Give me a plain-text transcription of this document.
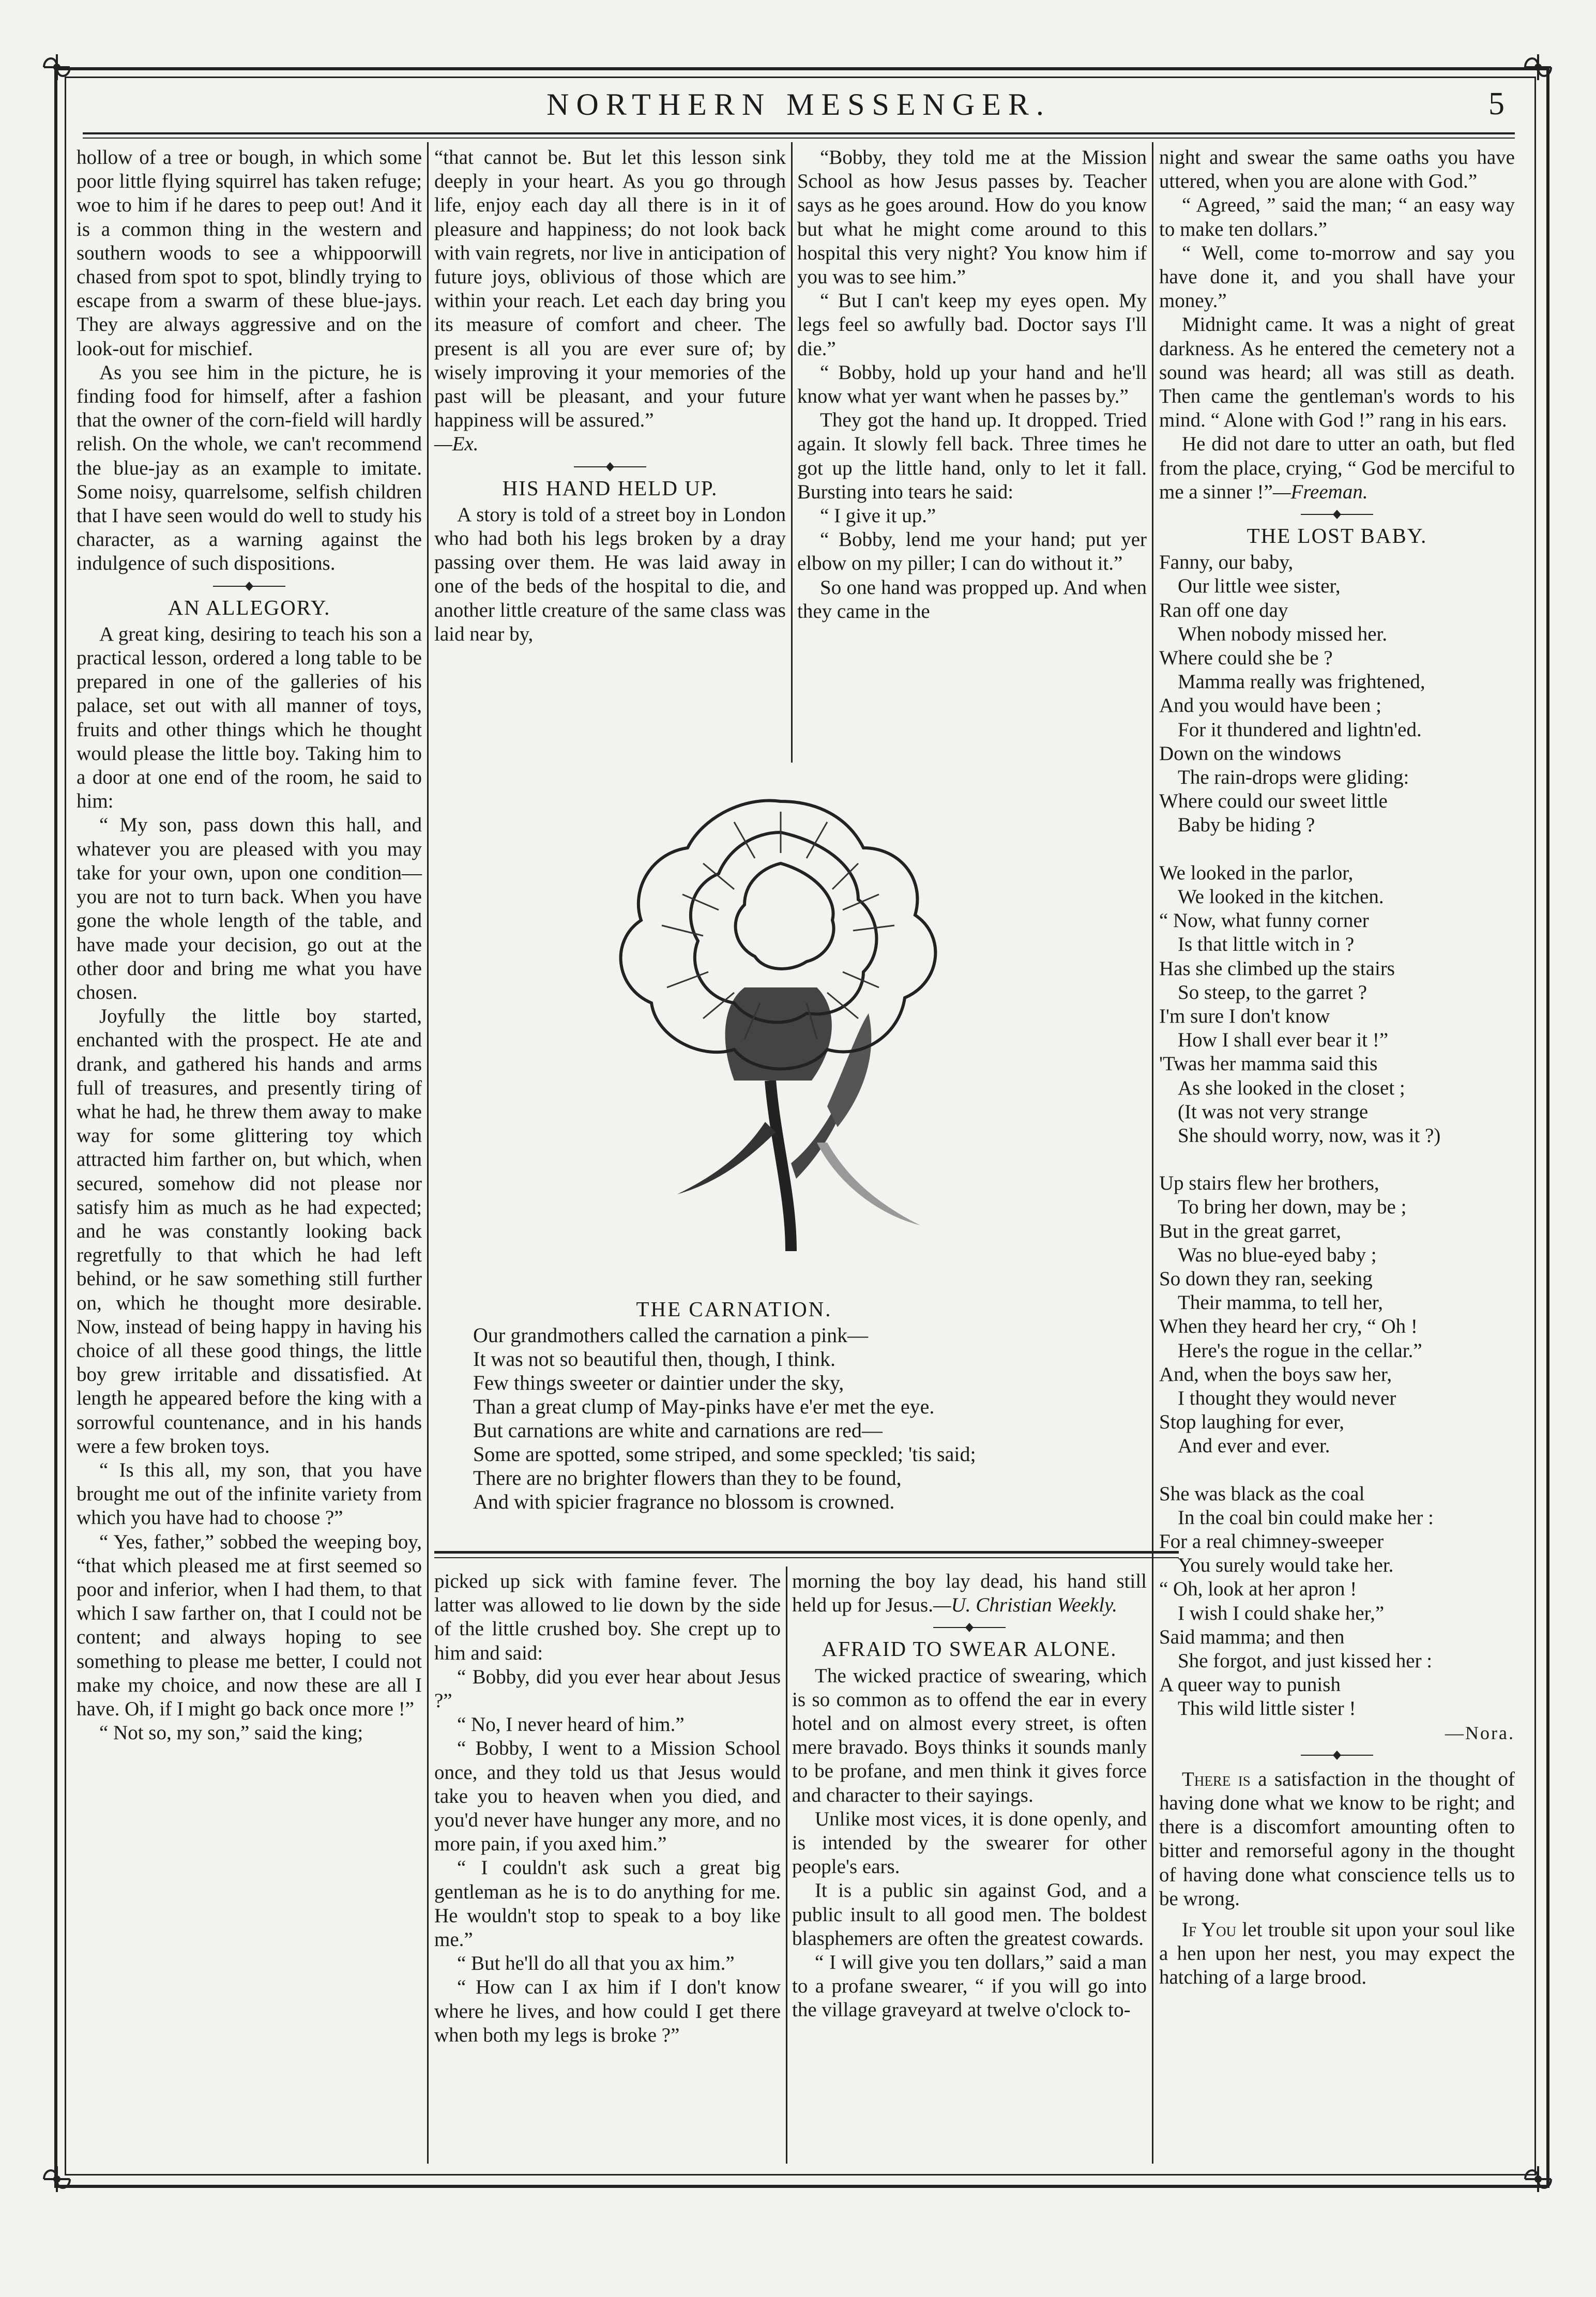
NORTHERN MESSENGER.	5

hollow of a tree or bough, in which some poor little flying squirrel has taken refuge; woe to him if he dares to peep out! And it is a common thing in the western and southern woods to see a whippoorwill chased from spot to spot, blindly trying to escape from a swarm of these blue-jays. They are always aggressive and on the look-out for mischief.

As you see him in the picture, he is finding food for himself, after a fashion that the owner of the corn-field will hardly relish. On the whole, we can't recommend the blue-jay as an example to imitate. Some noisy, quarrelsome, selfish children that I have seen would do well to study his character, as a warning against the indulgence of such dispositions.

AN ALLEGORY.

A great king, desiring to teach his son a practical lesson, ordered a long table to be prepared in one of the galleries of his palace, set out with all manner of toys, fruits and other things which he thought would please the little boy. Taking him to a door at one end of the room, he said to him:

“ My son, pass down this hall, and whatever you are pleased with you may take for your own, upon one condition—you are not to turn back. When you have gone the whole length of the table, and have made your decision, go out at the other door and bring me what you have chosen.

Joyfully the little boy started, enchanted with the prospect. He ate and drank, and gathered his hands and arms full of treasures, and presently tiring of what he had, he threw them away to make way for some glittering toy which attracted him farther on, but which, when secured, somehow did not please nor satisfy him as much as he had expected; and he was constantly looking back regretfully to that which he had left behind, or he saw something still further on, which he thought more desirable. Now, instead of being happy in having his choice of all these good things, the little boy grew irritable and dissatisfied. At length he appeared before the king with a sorrowful countenance, and in his hands were a few broken toys.

“ Is this all, my son, that you have brought me out of the infinite variety from which you have had to choose ?”

“ Yes, father,” sobbed the weeping boy, “that which pleased me at first seemed so poor and inferior, when I had them, to that which I saw farther on, that I could not be content; and always hoping to see something to please me better, I could not make my choice, and now these are all I have. Oh, if I might go back once more !”

“ Not so, my son,” said the king;

“that cannot be. But let this lesson sink deeply in your heart. As you go through life, enjoy each day all there is in it of pleasure and happiness; do not look back with vain regrets, nor live in anticipation of future joys, oblivious of those which are within your reach. Let each day bring you its measure of comfort and cheer. The present is all you are ever sure of; by wisely improving it your memories of the past will be pleasant, and your future happiness will be assured.”

—Ex.

HIS HAND HELD UP.

A story is told of a street boy in London who had both his legs broken by a dray passing over them. He was laid away in one of the beds of the hospital to die, and another little creature of the same class was laid near by,

“Bobby, they told me at the Mission School as how Jesus passes by. Teacher says as he goes around. How do you know but what he might come around to this hospital this very night? You know him if you was to see him.”

“ But I can't keep my eyes open. My legs feel so awfully bad. Doctor says I'll die.”

“ Bobby, hold up your hand and he'll know what yer want when he passes by.”

They got the hand up. It dropped. Tried again. It slowly fell back. Three times he got up the little hand, only to let it fall. Bursting into tears he said:

“ I give it up.”

“ Bobby, lend me your hand; put yer elbow on my piller; I can do without it.”

So one hand was propped up. And when they came in the

THE CARNATION.
Our grandmothers called the carnation a pink—
It was not so beautiful then, though, I think.
Few things sweeter or daintier under the sky,
Than a great clump of May-pinks have e'er met the eye.
But carnations are white and carnations are red—
Some are spotted, some striped, and some speckled; 'tis said;
There are no brighter flowers than they to be found,
And with spicier fragrance no blossom is crowned.

picked up sick with famine fever. The latter was allowed to lie down by the side of the little crushed boy. She crept up to him and said:

“ Bobby, did you ever hear about Jesus ?”

“ No, I never heard of him.”

“ Bobby, I went to a Mission School once, and they told us that Jesus would take you to heaven when you died, and you'd never have hunger any more, and no more pain, if you axed him.”

“ I couldn't ask such a great big gentleman as he is to do anything for me. He wouldn't stop to speak to a boy like me.”

“ But he'll do all that you ax him.”

“ How can I ax him if I don't know where he lives, and how could I get there when both my legs is broke ?”

morning the boy lay dead, his hand still held up for Jesus.—U. Christian Weekly.

AFRAID TO SWEAR ALONE.

The wicked practice of swearing, which is so common as to offend the ear in every hotel and on almost every street, is often mere bravado. Boys thinks it sounds manly to be profane, and men think it gives force and character to their sayings.

Unlike most vices, it is done openly, and is intended by the swearer for other people's ears.

It is a public sin against God, and a public insult to all good men. The boldest blasphemers are often the greatest cowards.

“ I will give you ten dollars,” said a man to a profane swearer, “ if you will go into the village graveyard at twelve o'clock to-

night and swear the same oaths you have uttered, when you are alone with God.”

“ Agreed, ” said the man; “ an easy way to make ten dollars.”

“ Well, come to-morrow and say you have done it, and you shall have your money.”

Midnight came. It was a night of great darkness. As he entered the cemetery not a sound was heard; all was still as death. Then came the gentleman's words to his mind. “ Alone with God !” rang in his ears.

He did not dare to utter an oath, but fled from the place, crying, “ God be merciful to me a sinner !”—Freeman.

THE LOST BABY.
Fanny, our baby,
Our little wee sister,
Ran off one day
When nobody missed her.
Where could she be ?
Mamma really was frightened,
And you would have been ;
For it thundered and lightn'ed.
Down on the windows
The rain-drops were gliding:
Where could our sweet little
Baby be hiding ?
We looked in the parlor,
We looked in the kitchen.
“ Now, what funny corner
Is that little witch in ?
Has she climbed up the stairs
So steep, to the garret ?
I'm sure I don't know
How I shall ever bear it !”
'Twas her mamma said this
As she looked in the closet ;
(It was not very strange
She should worry, now, was it ?)
Up stairs flew her brothers,
To bring her down, may be ;
But in the great garret,
Was no blue-eyed baby ;
So down they ran, seeking
Their mamma, to tell her,
When they heard her cry, “ Oh !
Here's the rogue in the cellar.”
And, when the boys saw her,
I thought they would never
Stop laughing for ever,
And ever and ever.
She was black as the coal
In the coal bin could make her :
For a real chimney-sweeper
You surely would take her.
“ Oh, look at her apron !
I wish I could shake her,”
Said mamma; and then
She forgot, and just kissed her :
A queer way to punish
This wild little sister !
—Nora.

There is a satisfaction in the thought of having done what we know to be right; and there is a discomfort amounting often to bitter and remorseful agony in the thought of having done what conscience tells us to be wrong.

If You let trouble sit upon your soul like a hen upon her nest, you may expect the hatching of a large brood.
